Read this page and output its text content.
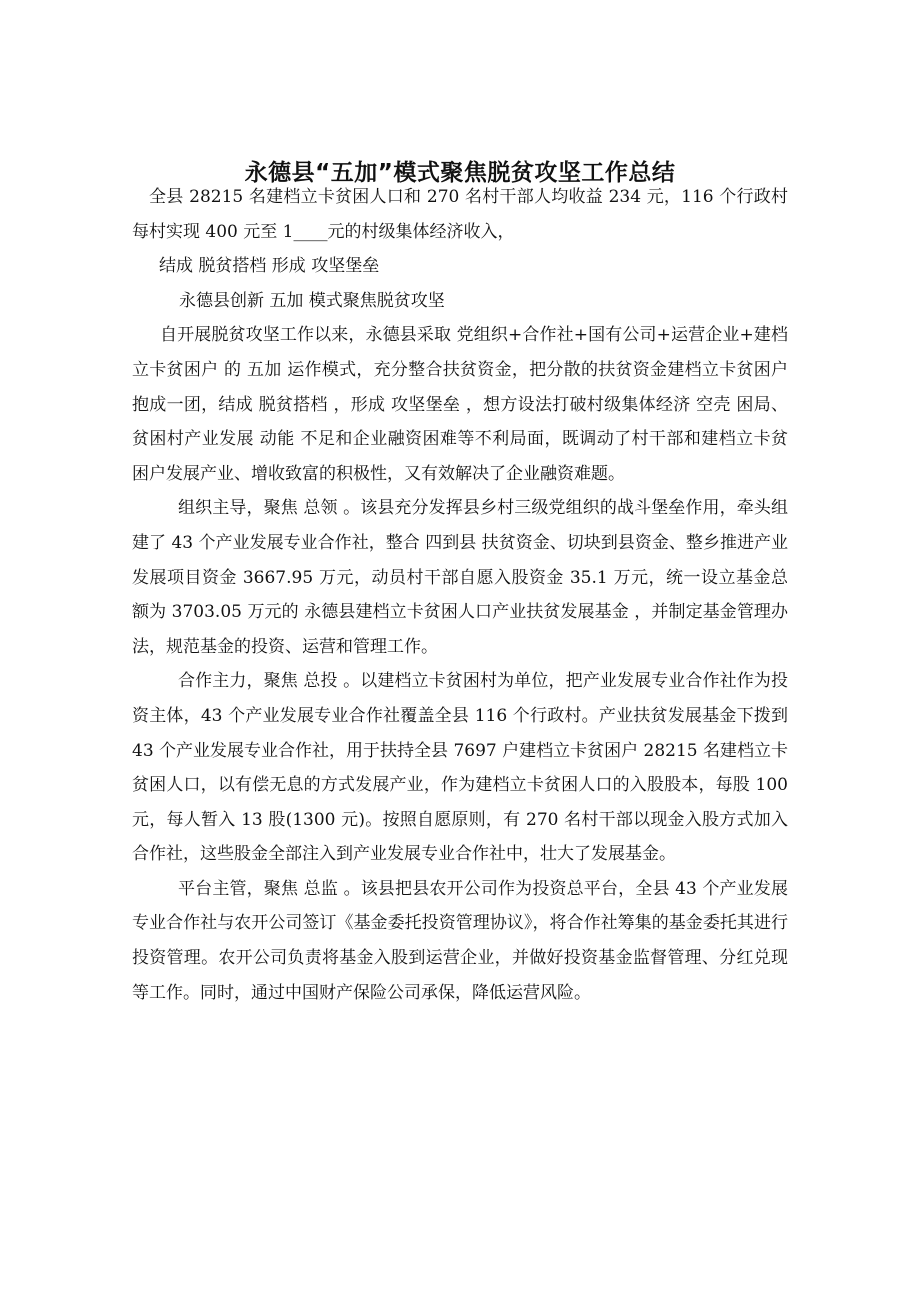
永德县“五加”模式聚焦脱贫攻坚工作总结

全县 28215 名建档立卡贫困人口和 270 名村干部人均收益 234 元，116 个行政村每村实现 400 元至 1____元的村级集体经济收入，

结成 脱贫搭档 形成 攻坚堡垒

永德县创新 五加 模式聚焦脱贫攻坚

自开展脱贫攻坚工作以来，永德县采取 党组织+合作社+国有公司+运营企业+建档立卡贫困户 的 五加 运作模式，充分整合扶贫资金，把分散的扶贫资金建档立卡贫困户抱成一团，结成 脱贫搭档 ，形成 攻坚堡垒 ，想方设法打破村级集体经济 空壳 困局、贫困村产业发展 动能 不足和企业融资困难等不利局面，既调动了村干部和建档立卡贫困户发展产业、增收致富的积极性，又有效解决了企业融资难题。

组织主导，聚焦 总领 。该县充分发挥县乡村三级党组织的战斗堡垒作用，牵头组建了 43 个产业发展专业合作社，整合 四到县 扶贫资金、切块到县资金、整乡推进产业发展项目资金 3667.95 万元，动员村干部自愿入股资金 35.1 万元，统一设立基金总额为 3703.05 万元的 永德县建档立卡贫困人口产业扶贫发展基金 ，并制定基金管理办法，规范基金的投资、运营和管理工作。

合作主力，聚焦 总投 。以建档立卡贫困村为单位，把产业发展专业合作社作为投资主体，43 个产业发展专业合作社覆盖全县 116 个行政村。产业扶贫发展基金下拨到 43 个产业发展专业合作社，用于扶持全县 7697 户建档立卡贫困户 28215 名建档立卡贫困人口，以有偿无息的方式发展产业，作为建档立卡贫困人口的入股股本，每股 100 元，每人暂入 13 股(1300 元)。按照自愿原则，有 270 名村干部以现金入股方式加入合作社，这些股金全部注入到产业发展专业合作社中，壮大了发展基金。

平台主管，聚焦 总监 。该县把县农开公司作为投资总平台，全县 43 个产业发展专业合作社与农开公司签订《基金委托投资管理协议》，将合作社筹集的基金委托其进行投资管理。农开公司负责将基金入股到运营企业，并做好投资基金监督管理、分红兑现等工作。同时，通过中国财产保险公司承保，降低运营风险。
